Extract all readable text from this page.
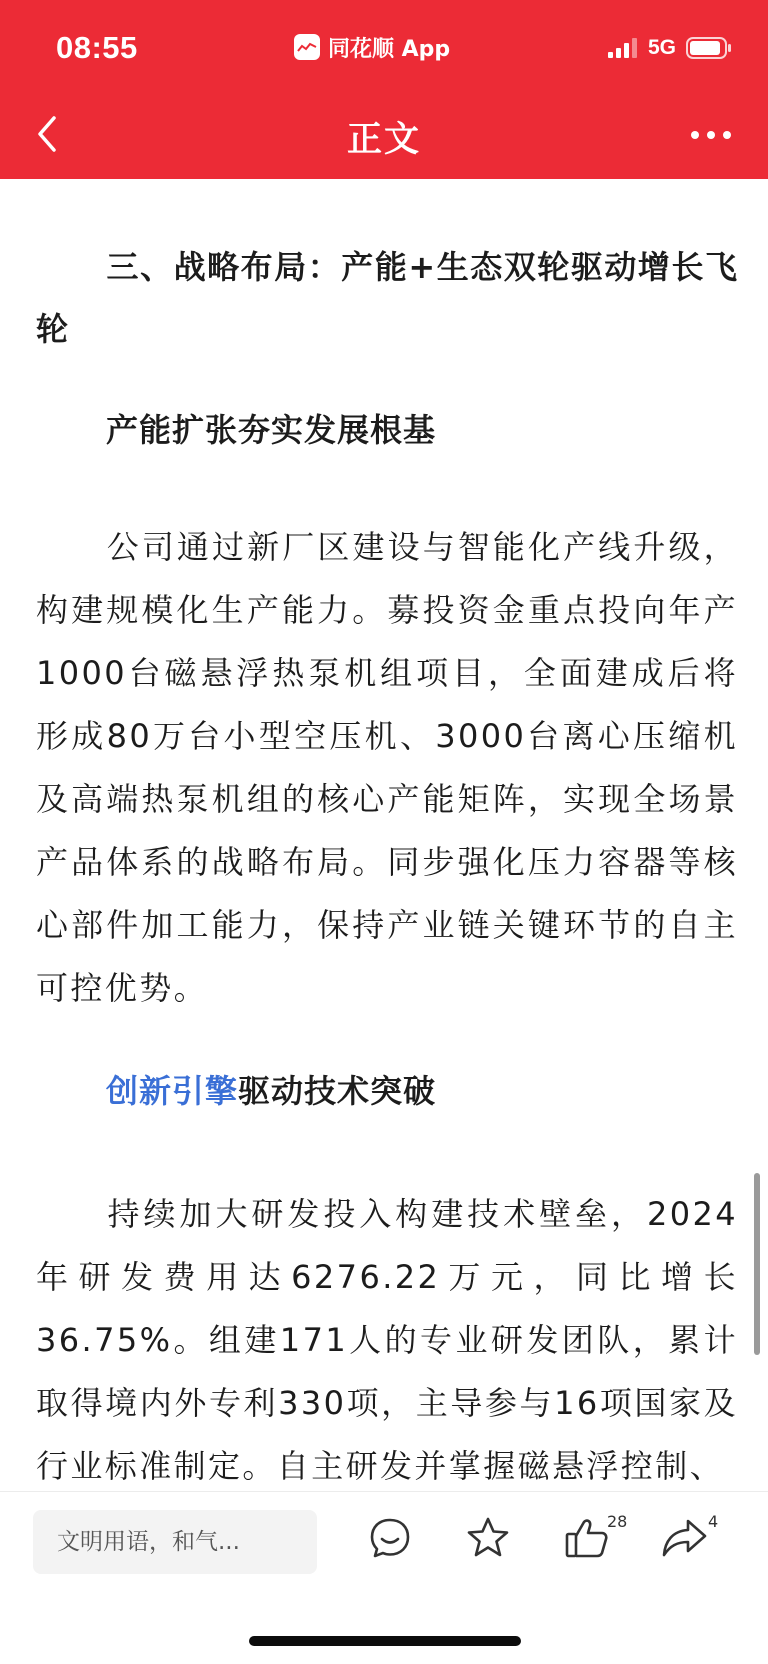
08:55	同花顺 App	5G
正文

三、战略布局：产能+生态双轮驱动增长飞轮

产能扩张夯实发展根基

公司通过新厂区建设与智能化产线升级，构建规模化生产能力。募投资金重点投向年产1000台磁悬浮热泵机组项目，全面建成后将形成80万台小型空压机、3000台离心压缩机及高端热泵机组的核心产能矩阵，实现全场景产品体系的战略布局。同步强化压力容器等核心部件加工能力，保持产业链关键环节的自主可控优势。

创新引擎驱动技术突破

持续加大研发投入构建技术壁垒，2024年研发费用达6276.22万元，同比增长36.75%。组建171人的专业研发团队，累计取得境内外专利330项，主导参与16项国家及行业标准制定。自主研发并掌握磁悬浮控制、

文明用语，和气...
28	4
